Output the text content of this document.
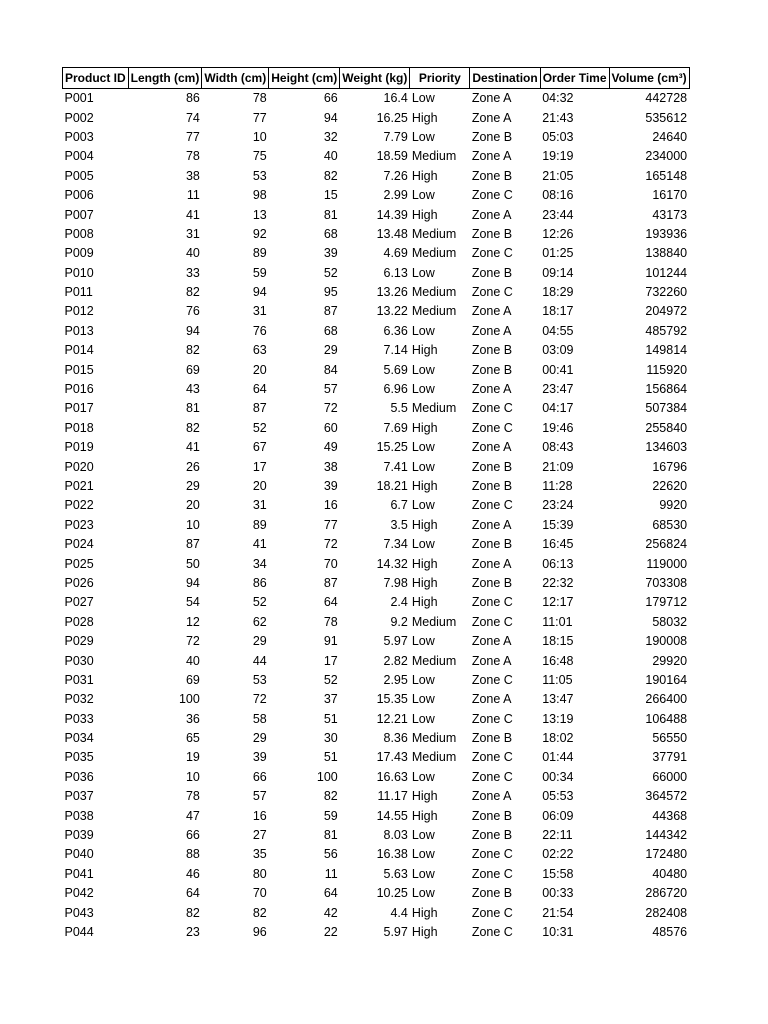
Product ID	Length (cm)	Width (cm)	Height (cm)	Weight (kg)	Priority	Destination	Order Time	Volume (cm³)
P001	86	78	66	16.4	Low	Zone A	04:32	442728
P002	74	77	94	16.25	High	Zone A	21:43	535612
P003	77	10	32	7.79	Low	Zone B	05:03	24640
P004	78	75	40	18.59	Medium	Zone A	19:19	234000
P005	38	53	82	7.26	High	Zone B	21:05	165148
P006	11	98	15	2.99	Low	Zone C	08:16	16170
P007	41	13	81	14.39	High	Zone A	23:44	43173
P008	31	92	68	13.48	Medium	Zone B	12:26	193936
P009	40	89	39	4.69	Medium	Zone C	01:25	138840
P010	33	59	52	6.13	Low	Zone B	09:14	101244
P011	82	94	95	13.26	Medium	Zone C	18:29	732260
P012	76	31	87	13.22	Medium	Zone A	18:17	204972
P013	94	76	68	6.36	Low	Zone A	04:55	485792
P014	82	63	29	7.14	High	Zone B	03:09	149814
P015	69	20	84	5.69	Low	Zone B	00:41	115920
P016	43	64	57	6.96	Low	Zone A	23:47	156864
P017	81	87	72	5.5	Medium	Zone C	04:17	507384
P018	82	52	60	7.69	High	Zone C	19:46	255840
P019	41	67	49	15.25	Low	Zone A	08:43	134603
P020	26	17	38	7.41	Low	Zone B	21:09	16796
P021	29	20	39	18.21	High	Zone B	11:28	22620
P022	20	31	16	6.7	Low	Zone C	23:24	9920
P023	10	89	77	3.5	High	Zone A	15:39	68530
P024	87	41	72	7.34	Low	Zone B	16:45	256824
P025	50	34	70	14.32	High	Zone A	06:13	119000
P026	94	86	87	7.98	High	Zone B	22:32	703308
P027	54	52	64	2.4	High	Zone C	12:17	179712
P028	12	62	78	9.2	Medium	Zone C	11:01	58032
P029	72	29	91	5.97	Low	Zone A	18:15	190008
P030	40	44	17	2.82	Medium	Zone A	16:48	29920
P031	69	53	52	2.95	Low	Zone C	11:05	190164
P032	100	72	37	15.35	Low	Zone A	13:47	266400
P033	36	58	51	12.21	Low	Zone C	13:19	106488
P034	65	29	30	8.36	Medium	Zone B	18:02	56550
P035	19	39	51	17.43	Medium	Zone C	01:44	37791
P036	10	66	100	16.63	Low	Zone C	00:34	66000
P037	78	57	82	11.17	High	Zone A	05:53	364572
P038	47	16	59	14.55	High	Zone B	06:09	44368
P039	66	27	81	8.03	Low	Zone B	22:11	144342
P040	88	35	56	16.38	Low	Zone C	02:22	172480
P041	46	80	11	5.63	Low	Zone C	15:58	40480
P042	64	70	64	10.25	Low	Zone B	00:33	286720
P043	82	82	42	4.4	High	Zone C	21:54	282408
P044	23	96	22	5.97	High	Zone C	10:31	48576
